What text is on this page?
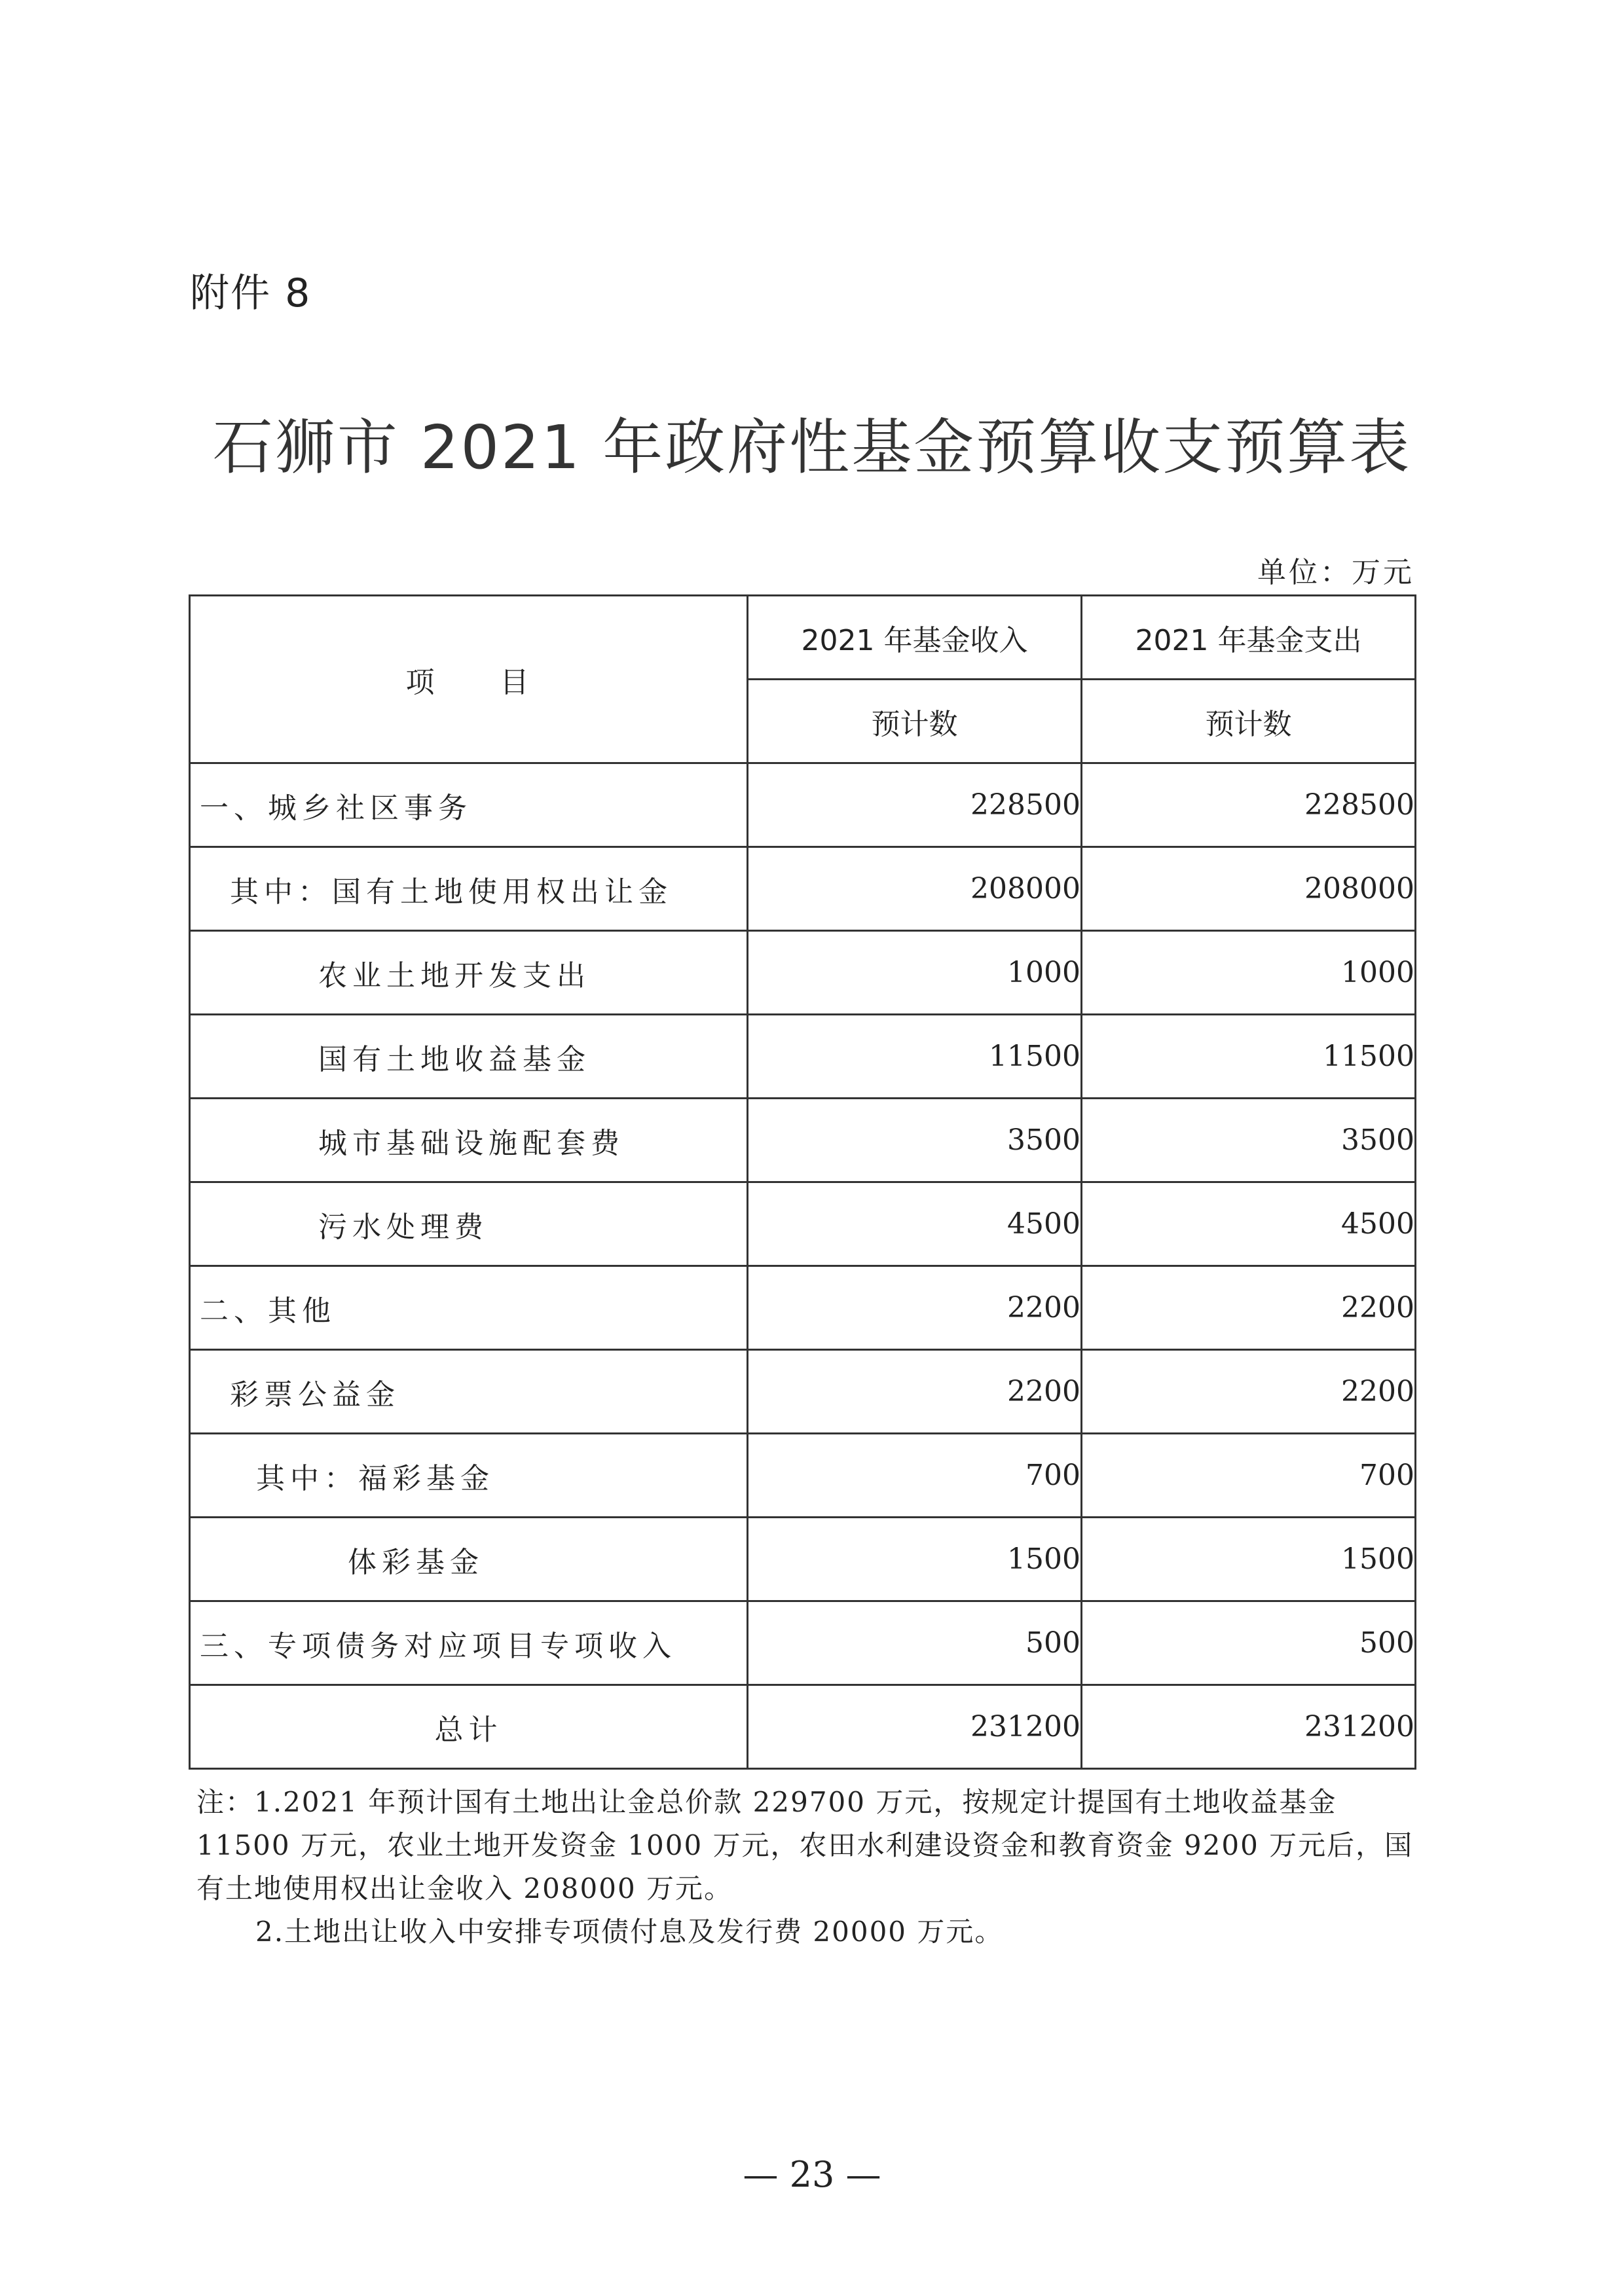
附件 8
石狮市 2021 年政府性基金预算收支预算表
单位：万元
项　　目	2021 年基金收入	2021 年基金支出
	预计数	预计数
一、城乡社区事务	228500	228500
其中：国有土地使用权出让金	208000	208000
农业土地开发支出	1000	1000
国有土地收益基金	11500	11500
城市基础设施配套费	3500	3500
污水处理费	4500	4500
二、其他	2200	2200
彩票公益金	2200	2200
其中：福彩基金	700	700
体彩基金	1500	1500
三、专项债务对应项目专项收入	500	500
总计	231200	231200

注：1.2021 年预计国有土地出让金总价款 229700 万元，按规定计提国有土地收益基金 11500 万元，农业土地开发资金 1000 万元，农田水利建设资金和教育资金 9200 万元后，国有土地使用权出让金收入 208000 万元。

2.土地出让收入中安排专项债付息及发行费 20000 万元。

— 23 —
